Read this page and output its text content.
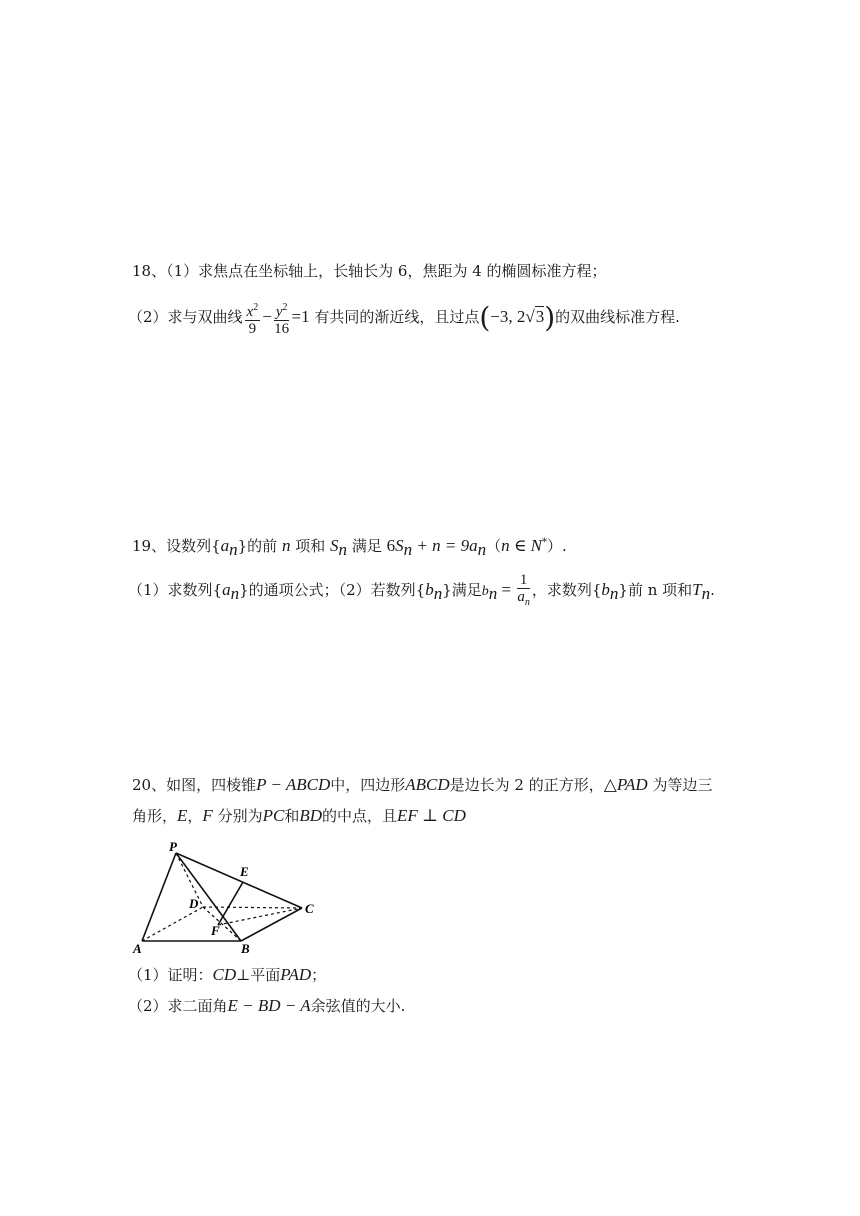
18、（1）求焦点在坐标轴上，长轴长为 6，焦距为 4 的椭圆标准方程；
（2）求与双曲线 $\frac{x^2}{9} - \frac{y^2}{16} =1$ 有共同的渐近线，且过点(−3, 2√3)的双曲线标准方程.
19、设数列$\{a_n\}$的前 n 项和 $S_n$ 满足 $6S_n + n = 9a_n(n$ ∈ N*）.
（1）求数列$\{a_n\}$的通项公式；（2）若数列$\{b_n\}$满足$b_n = \frac{1}{a_n}$ ，求数列$\{b_n\}$前 n 项和$T_n$.
20、如图，四棱锥P − ABCD中，四边形ABCD是边长为 2 的正方形，△PAD 为等边三
角形，E，F 分别为PC和BD的中点，且EF ⊥ CD
P
E
D	C
F
A	B
（1）证明：CD⊥平面PAD；
（2）求二面角E − BD − A余弦值的大小.
